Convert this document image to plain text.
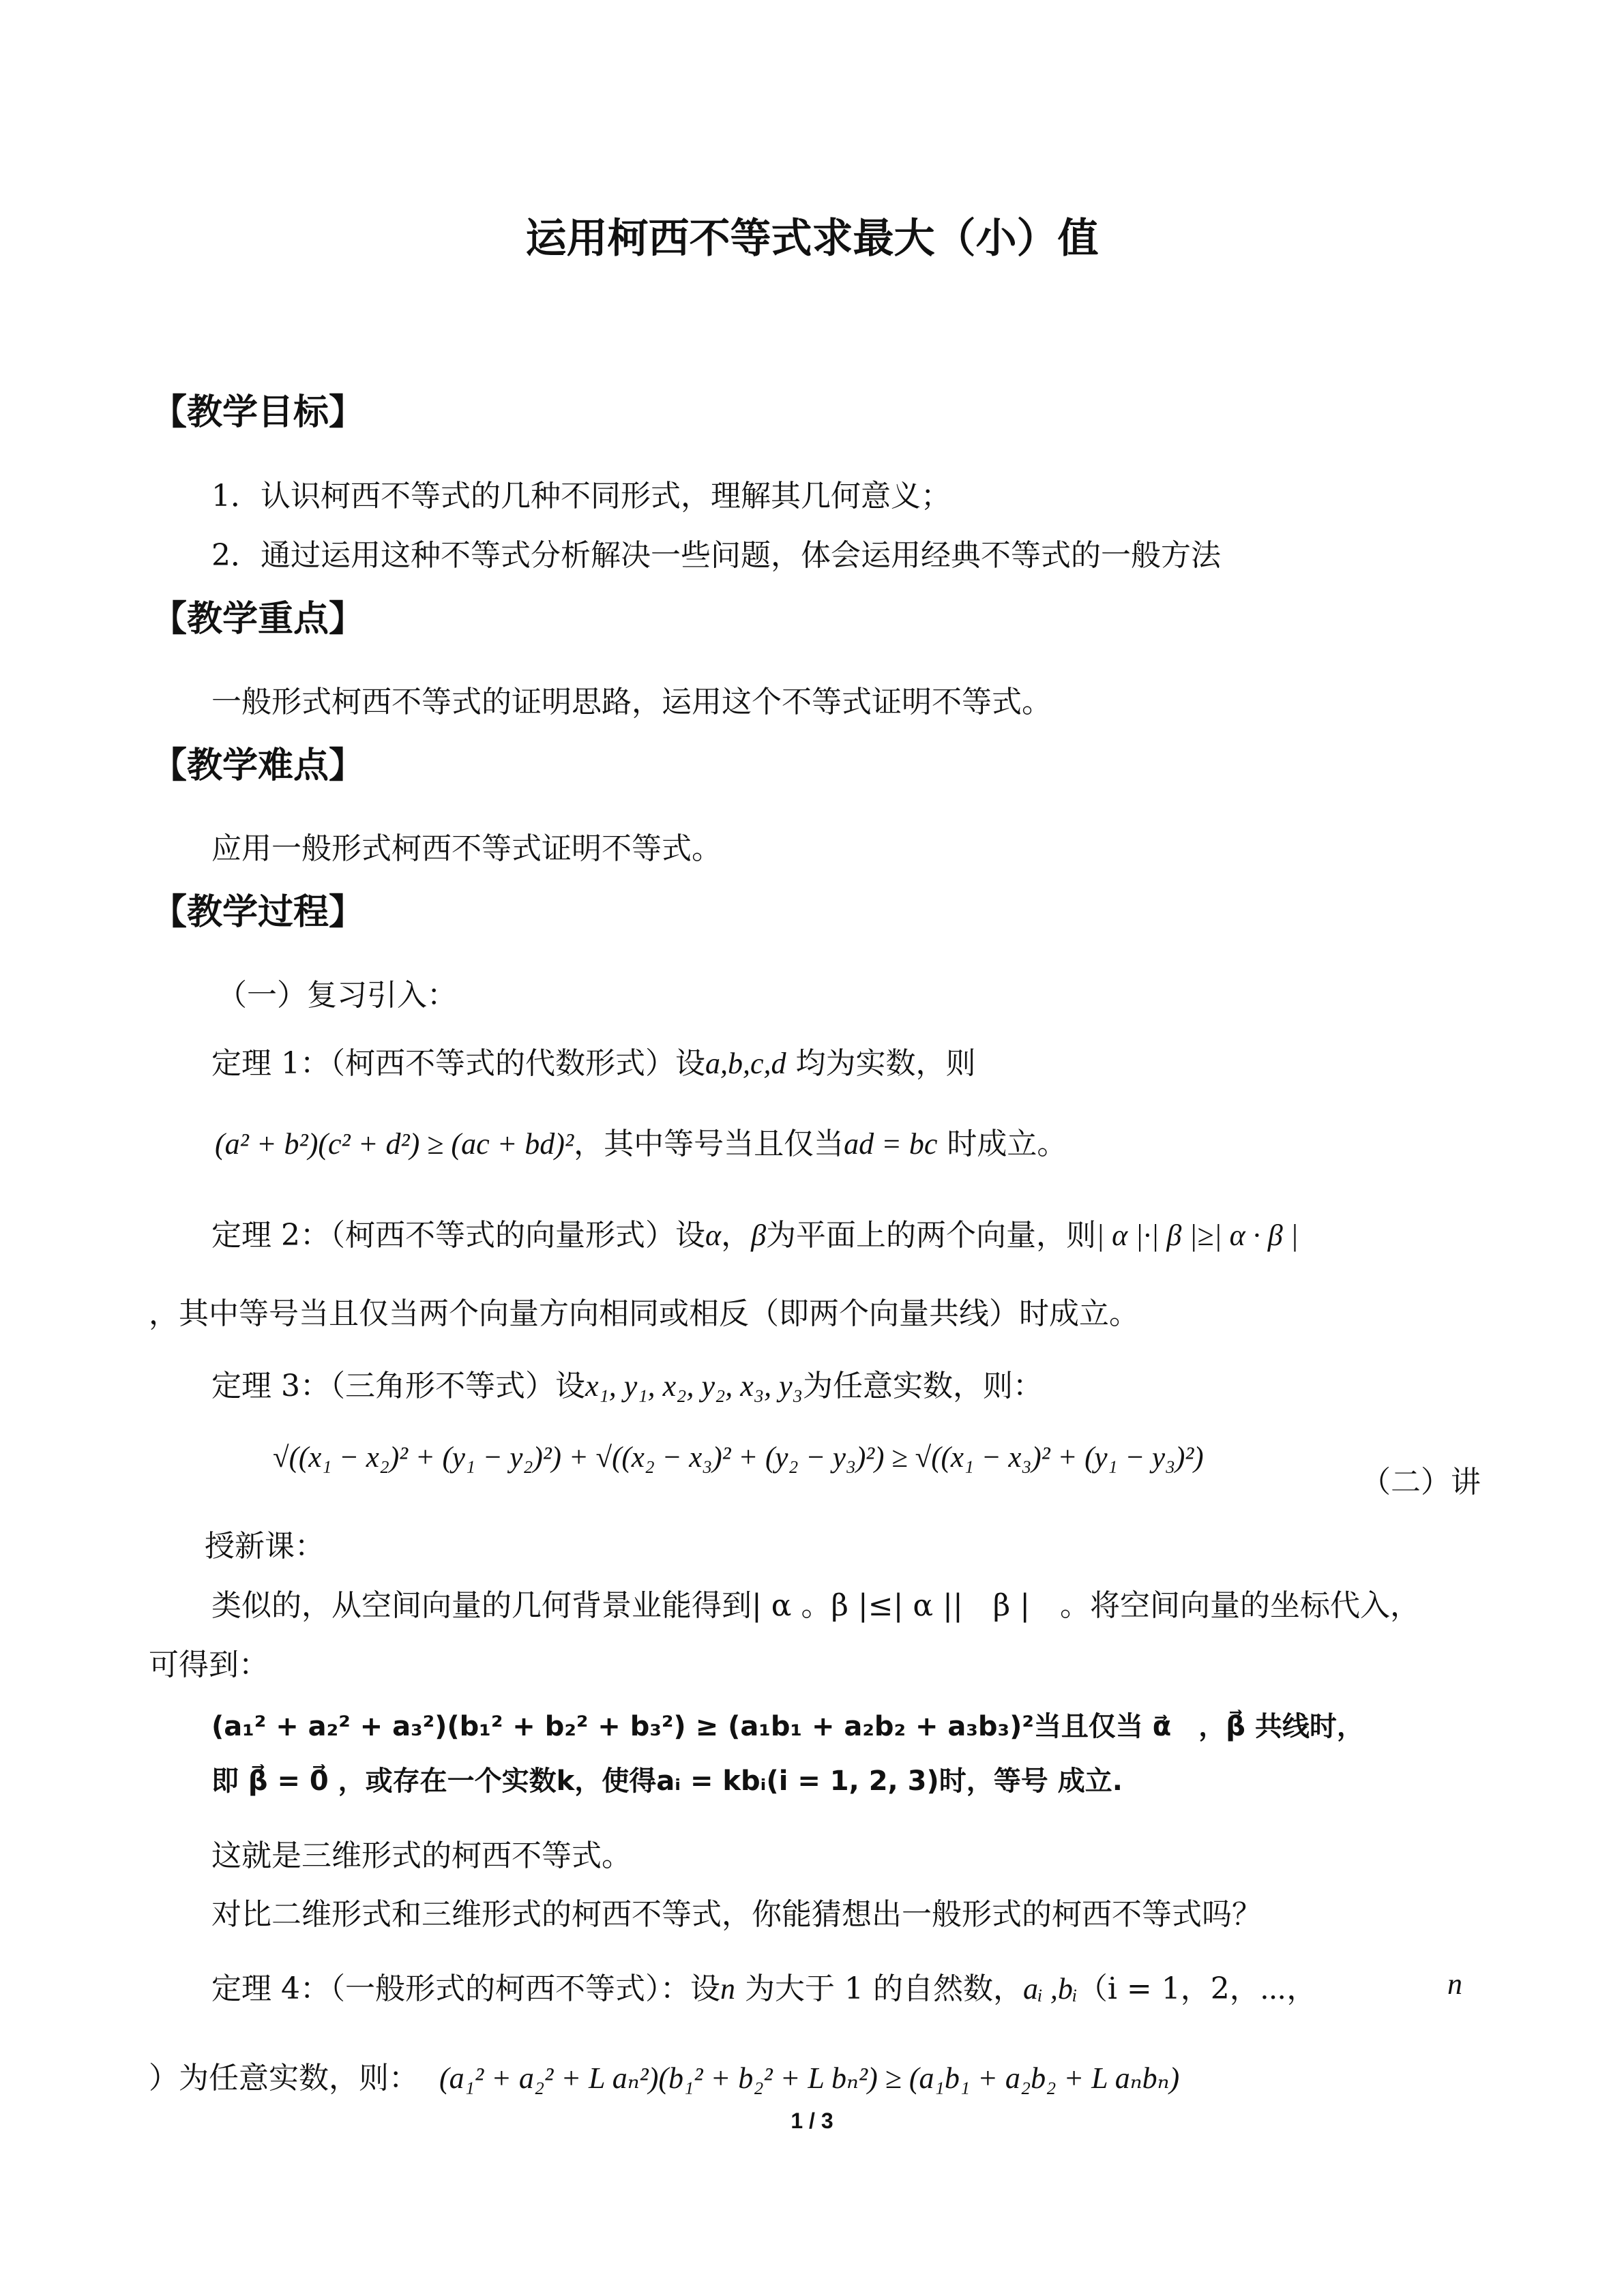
运用柯西不等式求最大（小）值
【教学目标】
1．认识柯西不等式的几种不同形式，理解其几何意义；
2．通过运用这种不等式分析解决一些问题，体会运用经典不等式的一般方法
【教学重点】
一般形式柯西不等式的证明思路，运用这个不等式证明不等式。
【教学难点】
应用一般形式柯西不等式证明不等式。
【教学过程】
（一）复习引入：
定理 1：（柯西不等式的代数形式）设a,b,c,d 均为实数，则
(a² + b²)(c² + d²) ≥ (ac + bd)²，其中等号当且仅当ad = bc 时成立。
定理 2：（柯西不等式的向量形式）设α，β为平面上的两个向量，则| α |·| β |≥| α · β |
，其中等号当且仅当两个向量方向相同或相反（即两个向量共线）时成立。
定理 3：（三角形不等式）设x₁, y₁, x₂, y₂, x₃, y₃为任意实数，则：
√((x₁ − x₂)² + (y₁ − y₂)²) + √((x₂ − x₃)² + (y₂ − y₃)²) ≥ √((x₁ − x₃)² + (y₁ − y₃)²)
（二）讲
授新课：
类似的，从空间向量的几何背景业能得到| α 。β |≤| α ||　β |　。将空间向量的坐标代入，
可得到：
(a₁² + a₂² + a₃²)(b₁² + b₂² + b₃²) ≥ (a₁b₁ + a₂b₂ + a₃b₃)²当且仅当 α⃗　，β⃗ 共线时，
即 β⃗ = 0⃗ ，或存在一个实数k，使得aᵢ = kbᵢ(i = 1, 2, 3)时，等号 成立.
这就是三维形式的柯西不等式。
对比二维形式和三维形式的柯西不等式，你能猜想出一般形式的柯西不等式吗？
定理 4：（一般形式的柯西不等式）：设n 为大于 1 的自然数，aᵢ ,bᵢ（i = 1，2，⋯，	n
）为任意实数，则： (a₁² + a₂² + L aₙ²)(b₁² + b₂² + L bₙ²) ≥ (a₁b₁ + a₂b₂ + L aₙbₙ)
1 / 3
